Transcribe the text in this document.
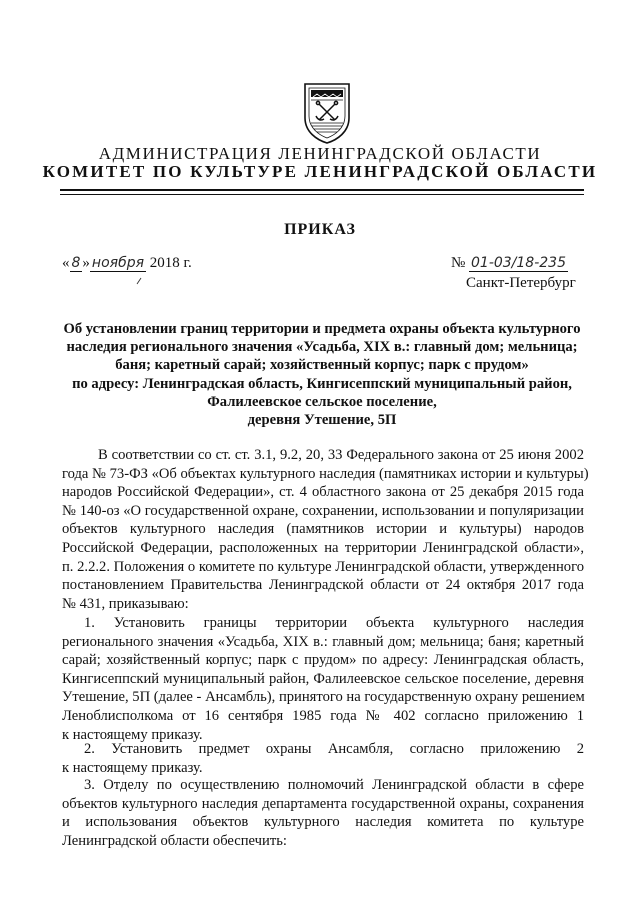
АДМИНИСТРАЦИЯ ЛЕНИНГРАДСКОЙ ОБЛАСТИ
КОМИТЕТ ПО КУЛЬТУРЕ ЛЕНИНГРАДСКОЙ ОБЛАСТИ
ПРИКАЗ
« 8 » ноября 2018 г.	№ 01-03/18-235
Санкт-Петербург
Об установлении границ территории и предмета охраны объекта культурного
наследия регионального значения «Усадьба, XIX в.: главный дом; мельница;
баня; каретный сарай; хозяйственный корпус; парк с прудом»
по адресу: Ленинградская область, Кингисеппский муниципальный район,
Фалилеевское сельское поселение,
деревня Утешение, 5П
В соответствии со ст. ст. 3.1, 9.2, 20, 33 Федерального закона от 25 июня 2002
года № 73-ФЗ «Об объектах культурного наследия (памятниках истории и культуры)
народов Российской Федерации», ст. 4 областного закона от 25 декабря 2015 года
№ 140-оз «О государственной охране, сохранении, использовании и популяризации
объектов культурного наследия (памятников истории и культуры) народов
Российской Федерации, расположенных на территории Ленинградской области»,
п. 2.2.2. Положения о комитете по культуре Ленинградской области, утвержденного
постановлением Правительства Ленинградской области от 24 октября 2017 года
№ 431, приказываю:
1. Установить границы территории объекта культурного наследия
регионального значения «Усадьба, XIX в.: главный дом; мельница; баня; каретный
сарай; хозяйственный корпус; парк с прудом» по адресу: Ленинградская область,
Кингисеппский муниципальный район, Фалилеевское сельское поселение, деревня
Утешение, 5П (далее - Ансамбль), принятого на государственную охрану решением
Леноблисполкома от 16 сентября 1985 года № 402 согласно приложению 1
к настоящему приказу.
2. Установить предмет охраны Ансамбля, согласно приложению 2
к настоящему приказу.
3. Отделу по осуществлению полномочий Ленинградской области в сфере
объектов культурного наследия департамента государственной охраны, сохранения
и использования объектов культурного наследия комитета по культуре
Ленинградской области обеспечить:
